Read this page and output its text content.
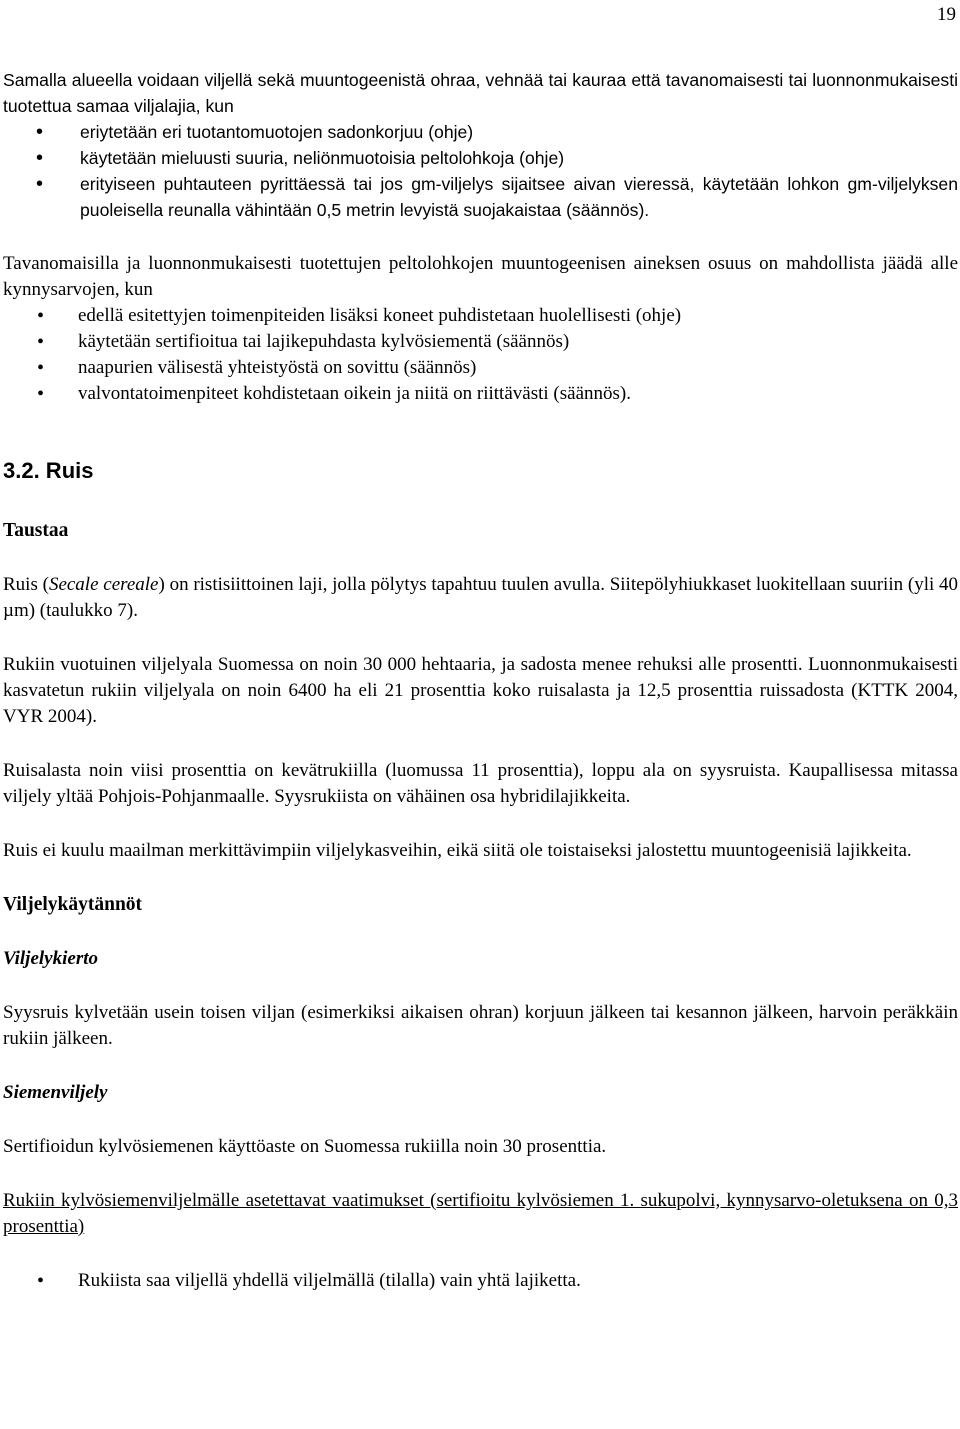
19

Samalla alueella voidaan viljellä sekä muuntogeenistä ohraa, vehnää tai kauraa että tavanomaisesti tai luonnonmukaisesti tuotettua samaa viljalajia, kun

• eriytetään eri tuotantomuotojen sadonkorjuu (ohje)
• käytetään mieluusti suuria, neliönmuotoisia peltolohkoja (ohje)
• erityiseen puhtauteen pyrittäessä tai jos gm-viljelys sijaitsee aivan vieressä, käytetään lohkon gm-viljelyksen puoleisella reunalla vähintään 0,5 metrin levyistä suojakaistaa (säännös).

Tavanomaisilla ja luonnonmukaisesti tuotettujen peltolohkojen muuntogeenisen aineksen osuus on mahdollista jäädä alle kynnysarvojen, kun

• edellä esitettyjen toimenpiteiden lisäksi koneet puhdistetaan huolellisesti (ohje)
• käytetään sertifioitua tai lajikepuhdasta kylvösiementä (säännös)
• naapurien välisestä yhteistyöstä on sovittu (säännös)
• valvontatoimenpiteet kohdistetaan oikein ja niitä on riittävästi (säännös).
3.2. Ruis
Taustaa

Ruis (Secale cereale) on ristisiittoinen laji, jolla pölytys tapahtuu tuulen avulla. Siitepölyhiukkaset luokitellaan suuriin (yli 40 µm) (taulukko 7).

Rukiin vuotuinen viljelyala Suomessa on noin 30 000 hehtaaria, ja sadosta menee rehuksi alle prosentti. Luonnonmukaisesti kasvatetun rukiin viljelyala on noin 6400 ha eli 21 prosenttia koko ruisalasta ja 12,5 prosenttia ruissadosta (KTTK 2004, VYR 2004).

Ruisalasta noin viisi prosenttia on kevätrukiilla (luomussa 11 prosenttia), loppu ala on syysruista. Kaupallisessa mitassa viljely yltää Pohjois-Pohjanmaalle. Syysrukiista on vähäinen osa hybridilajikkeita.

Ruis ei kuulu maailman merkittävimpiin viljelykasveihin, eikä siitä ole toistaiseksi jalostettu muuntogeenisiä lajikkeita.

Viljelykäytännöt
Viljelykierto

Syysruis kylvetään usein toisen viljan (esimerkiksi aikaisen ohran) korjuun jälkeen tai kesannon jälkeen, harvoin peräkkäin rukiin jälkeen.

Siemenviljely

Sertifioidun kylvösiemenen käyttöaste on Suomessa rukiilla noin 30 prosenttia.

Rukiin kylvösiemenviljelmälle asetettavat vaatimukset (sertifioitu kylvösiemen 1. sukupolvi, kynnysarvo-oletuksena on 0,3 prosenttia)

• Rukiista saa viljellä yhdellä viljelmällä (tilalla) vain yhtä lajiketta.
